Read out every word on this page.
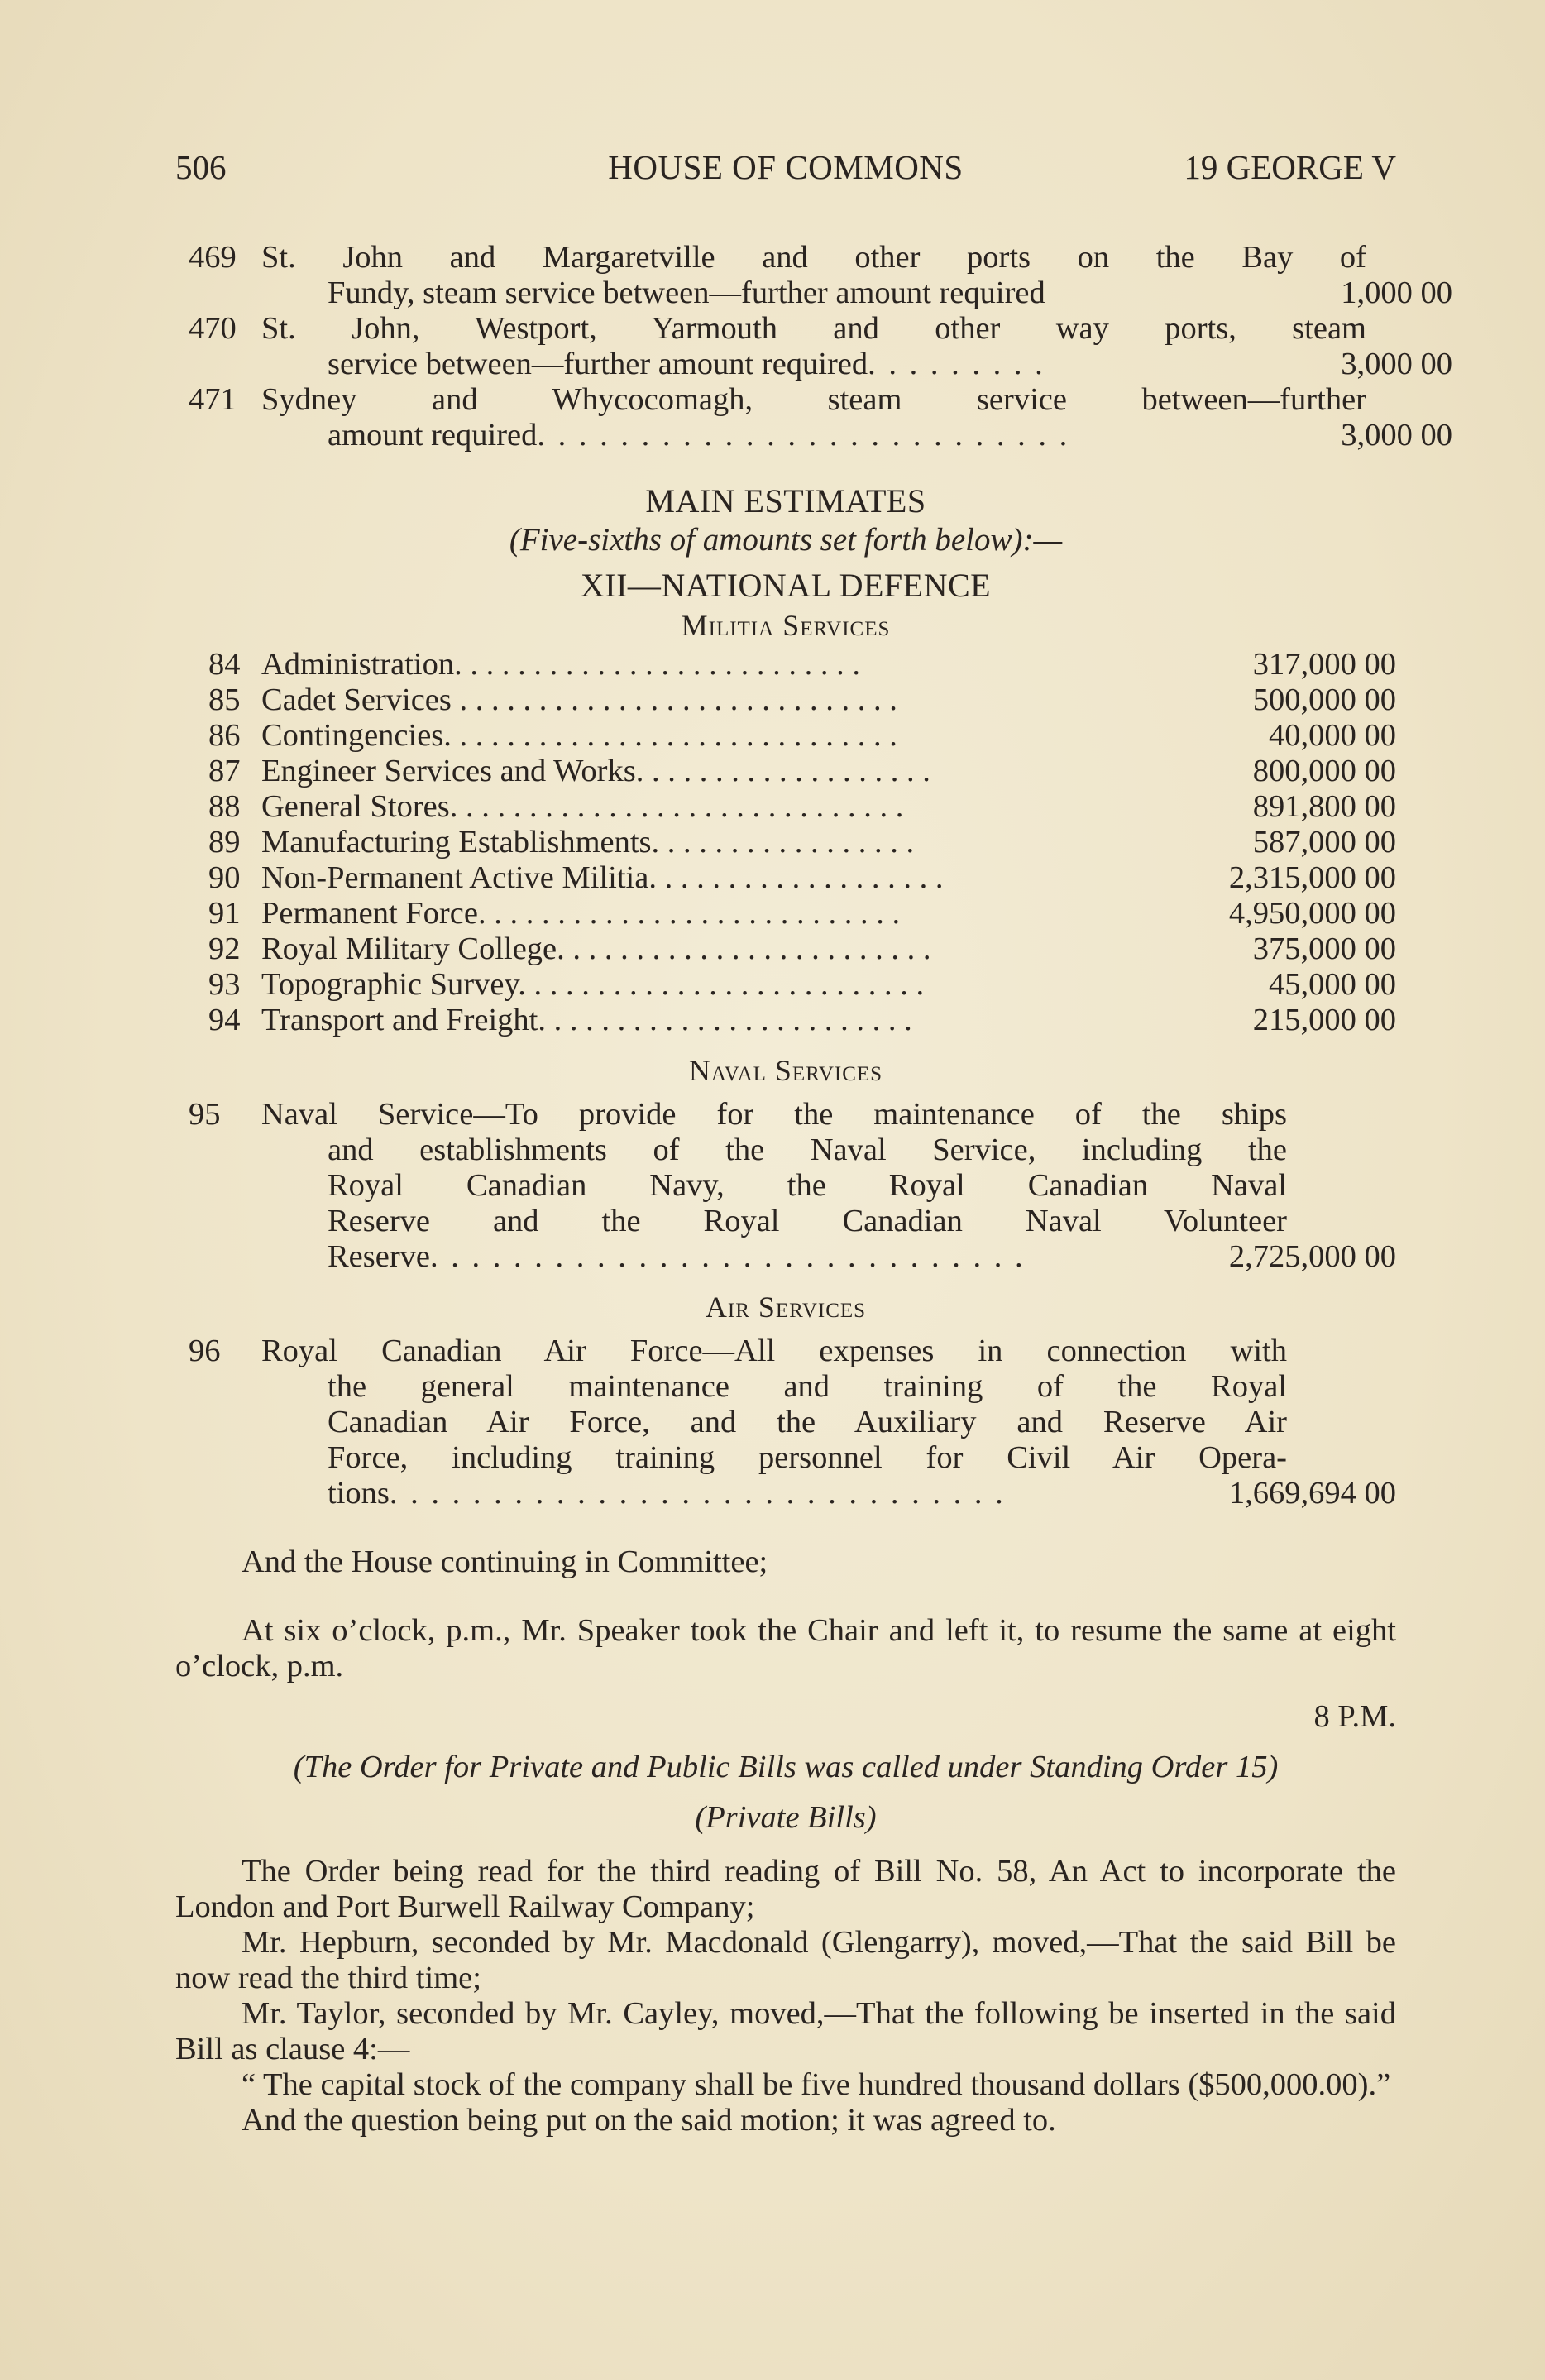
506	HOUSE OF COMMONS	19 GEORGE V
469 St. John and Margaretville and other ports on the Bay of
Fundy, steam service between—further amount required	1,000 00
470 St. John, Westport, Yarmouth and other way ports, steam
service between—further amount required. . . . . . . . .	3,000 00
471 Sydney and Whycocomagh, steam service between—further
amount required. . . . . . . . . . . . . . . . . . . . . . . . . .	3,000 00
MAIN ESTIMATES
(Five-sixths of amounts set forth below):—
XII—NATIONAL DEFENCE
Militia Services
84 Administration. . . . . . . . . . . . . . . . . . . . . . . . . .	317,000 00
85 Cadet Services . . . . . . . . . . . . . . . . . . . . . . . . . . . .	500,000 00
86 Contingencies. . . . . . . . . . . . . . . . . . . . . . . . . . . . .	40,000 00
87 Engineer Services and Works. . . . . . . . . . . . . . . . . . .	800,000 00
88 General Stores. . . . . . . . . . . . . . . . . . . . . . . . . . . . .	891,800 00
89 Manufacturing Establishments. . . . . . . . . . . . . . . . .	587,000 00
90 Non-Permanent Active Militia. . . . . . . . . . . . . . . . . . .	2,315,000 00
91 Permanent Force. . . . . . . . . . . . . . . . . . . . . . . . . . .	4,950,000 00
92 Royal Military College. . . . . . . . . . . . . . . . . . . . . . . .	375,000 00
93 Topographic Survey. . . . . . . . . . . . . . . . . . . . . . . . . .	45,000 00
94 Transport and Freight. . . . . . . . . . . . . . . . . . . . . . . .	215,000 00
Naval Services
95 Naval Service—To provide for the maintenance of the ships
and establishments of the Naval Service, including the
Royal Canadian Navy, the Royal Canadian Naval
Reserve and the Royal Canadian Naval Volunteer
Reserve. . . . . . . . . . . . . . . . . . . . . . . . . . . . .	2,725,000 00
Air Services
96 Royal Canadian Air Force—All expenses in connection with
the general maintenance and training of the Royal
Canadian Air Force, and the Auxiliary and Reserve Air
Force, including training personnel for Civil Air Opera-
tions. . . . . . . . . . . . . . . . . . . . . . . . . . . . . .	1,669,694 00
And the House continuing in Committee;
At six o’clock, p.m., Mr. Speaker took the Chair and left it, to resume the same at eight o’clock, p.m.
8 P.M.
(The Order for Private and Public Bills was called under Standing Order 15)
(Private Bills)
The Order being read for the third reading of Bill No. 58, An Act to incorporate the London and Port Burwell Railway Company;
Mr. Hepburn, seconded by Mr. Macdonald (Glengarry), moved,—That the said Bill be now read the third time;
Mr. Taylor, seconded by Mr. Cayley, moved,—That the following be inserted in the said Bill as clause 4:—
“ The capital stock of the company shall be five hundred thousand dollars ($500,000.00).”
And the question being put on the said motion; it was agreed to.
